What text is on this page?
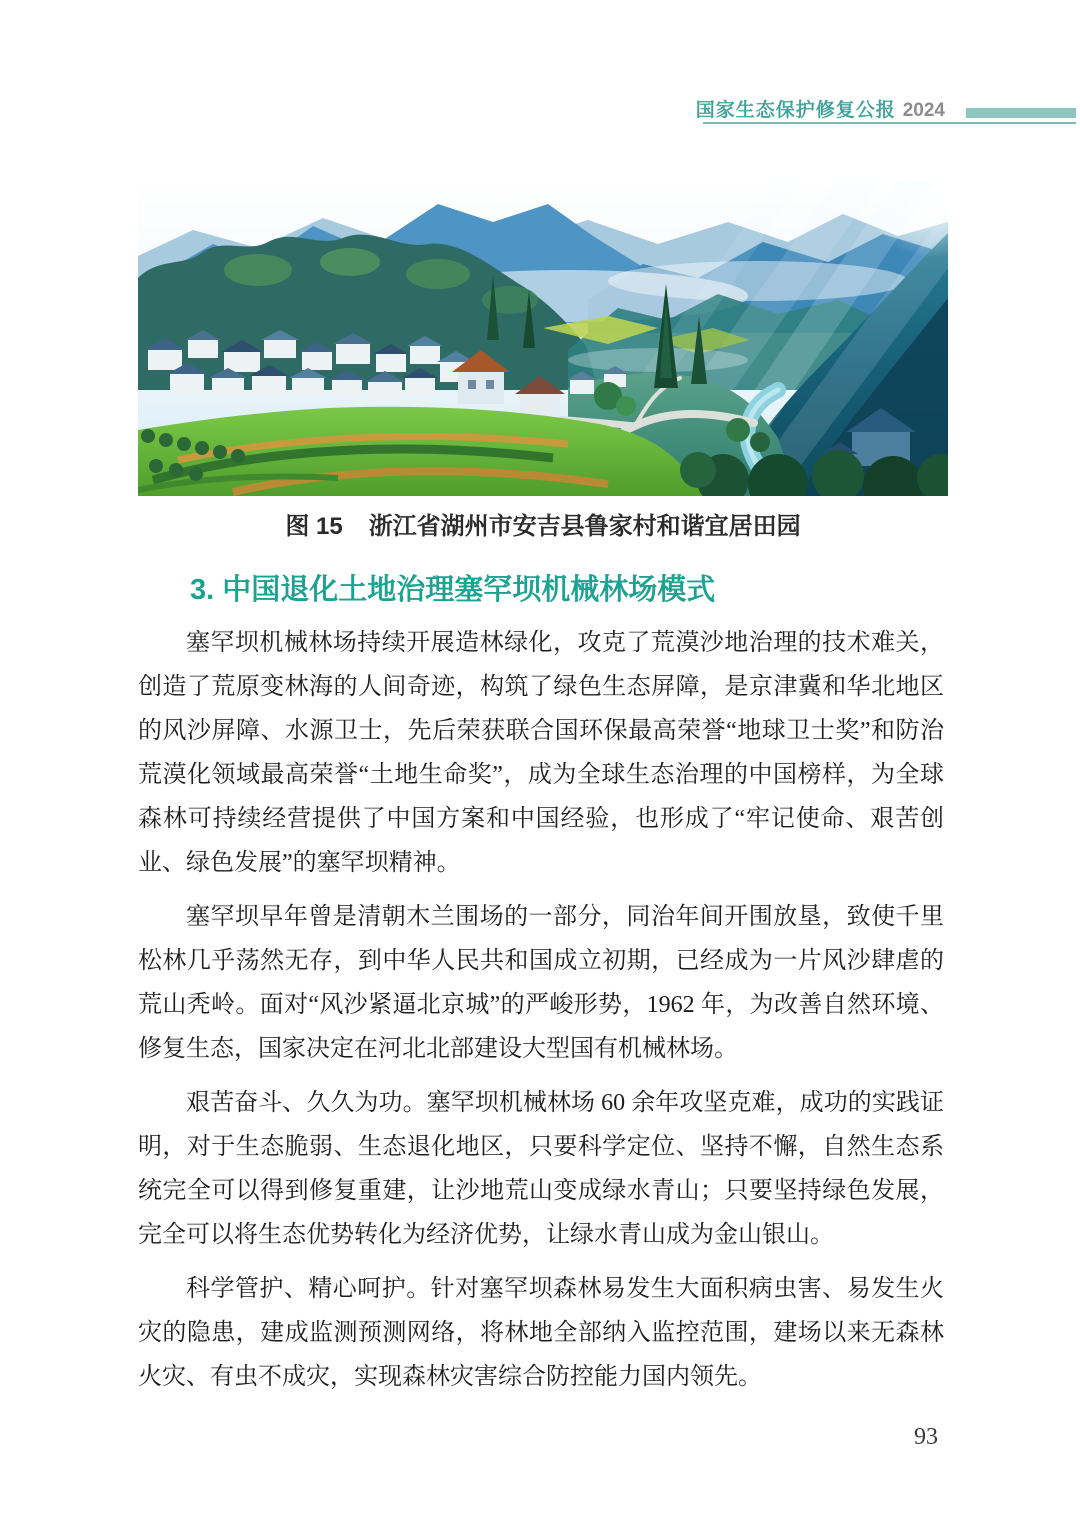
国家生态保护修复公报 2024
图 15 浙江省湖州市安吉县鲁家村和谐宜居田园
3. 中国退化土地治理塞罕坝机械林场模式

塞罕坝机械林场持续开展造林绿化，攻克了荒漠沙地治理的技术难关，创造了荒原变林海的人间奇迹，构筑了绿色生态屏障，是京津冀和华北地区的风沙屏障、水源卫士，先后荣获联合国环保最高荣誉“地球卫士奖”和防治荒漠化领域最高荣誉“土地生命奖”，成为全球生态治理的中国榜样，为全球森林可持续经营提供了中国方案和中国经验，也形成了“牢记使命、艰苦创业、绿色发展”的塞罕坝精神。

塞罕坝早年曾是清朝木兰围场的一部分，同治年间开围放垦，致使千里松林几乎荡然无存，到中华人民共和国成立初期，已经成为一片风沙肆虐的荒山秃岭。面对“风沙紧逼北京城”的严峻形势，1962 年，为改善自然环境、修复生态，国家决定在河北北部建设大型国有机械林场。

艰苦奋斗、久久为功。塞罕坝机械林场 60 余年攻坚克难，成功的实践证明，对于生态脆弱、生态退化地区，只要科学定位、坚持不懈，自然生态系统完全可以得到修复重建，让沙地荒山变成绿水青山；只要坚持绿色发展，完全可以将生态优势转化为经济优势，让绿水青山成为金山银山。

科学管护、精心呵护。针对塞罕坝森林易发生大面积病虫害、易发生火灾的隐患，建成监测预测网络，将林地全部纳入监控范围，建场以来无森林火灾、有虫不成灾，实现森林灾害综合防控能力国内领先。

93
